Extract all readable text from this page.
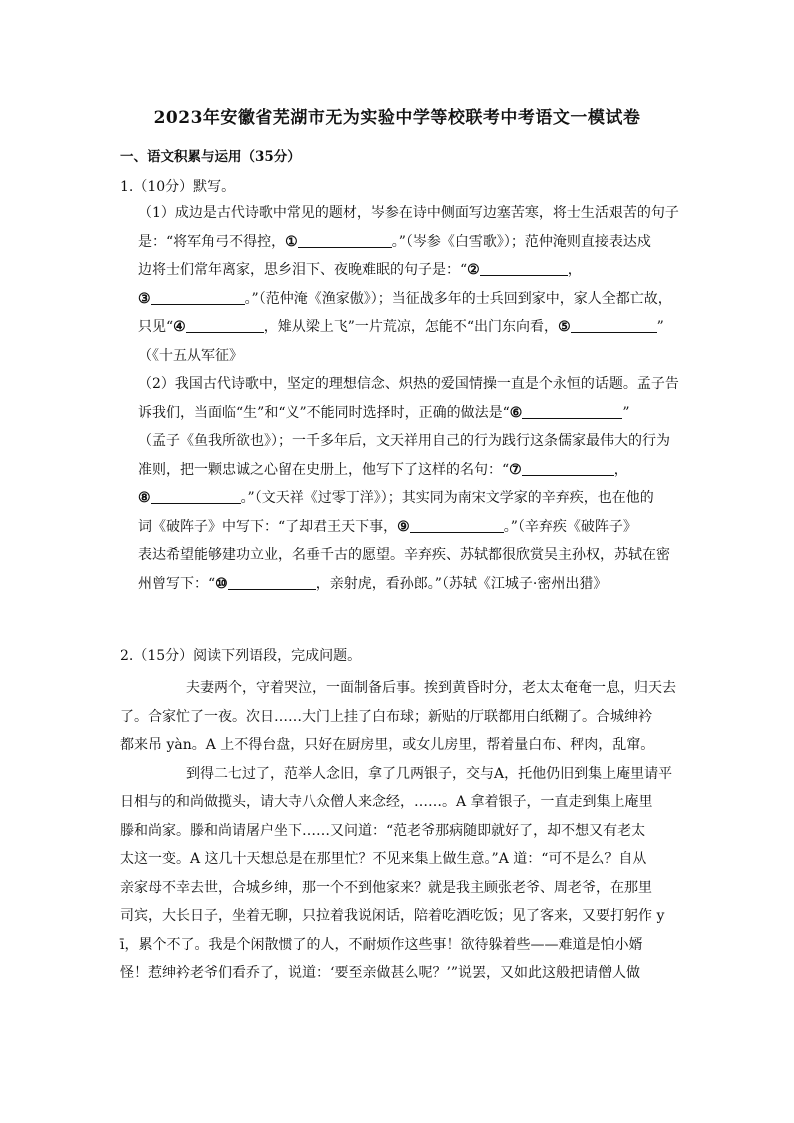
2023年安徽省芜湖市无为实验中学等校联考中考语文一模试卷
一、语文积累与运用（35分）
1.（10分）默写。
（1）成边是古代诗歌中常见的题材，岑参在诗中侧面写边塞苦寒，将士生活艰苦的句子
是：“将军角弓不得控，①	。”（岑参《白雪歌》）；范仲淹则直接表达戍
边将士们常年离家，思乡泪下、夜晚难眠的句子是：“②	，
③	。”（范仲淹《渔家傲》）；当征战多年的士兵回到家中，家人全都亡故，
只见“④	，雉从梁上飞”一片荒凉，怎能不“出门东向看，⑤	”
（《十五从军征》
（2）我国古代诗歌中，坚定的理想信念、炽热的爱国情操一直是个永恒的话题。孟子告
诉我们，当面临“生”和“义”不能同时选择时，正确的做法是“⑥	”
（孟子《鱼我所欲也》）；一千多年后，文天祥用自己的行为践行这条儒家最伟大的行为
准则，把一颗忠诚之心留在史册上，他写下了这样的名句：“⑦	，
⑧	。”（文天祥《过零丁洋》）；其实同为南宋文学家的辛弃疾，也在他的
词《破阵子》中写下：“了却君王天下事，⑨	。”（辛弃疾《破阵子》
表达希望能够建功立业，名垂千古的愿望。辛弃疾、苏轼都很欣赏吴主孙权，苏轼在密
州曾写下：“⑩	，亲射虎，看孙郎。”（苏轼《江城子·密州出猎》
2.（15分）阅读下列语段，完成问题。
夫妻两个，守着哭泣，一面制备后事。挨到黄昏时分，老太太奄奄一息，归天去
了。合家忙了一夜。次日……大门上挂了白布球；新贴的厅联都用白纸糊了。合城绅衿
都来吊 yàn。A 上不得台盘，只好在厨房里，或女儿房里，帮着量白布、秤肉，乱窜。
到得二七过了，范举人念旧，拿了几两银子，交与A，托他仍旧到集上庵里请平
日相与的和尚做揽头，请大寺八众僧人来念经，……。A 拿着银子，一直走到集上庵里
滕和尚家。滕和尚请屠户坐下……又问道：“范老爷那病随即就好了，却不想又有老太
太这一变。A 这几十天想总是在那里忙？不见来集上做生意。”A 道：“可不是么？自从
亲家母不幸去世，合城乡绅，那一个不到他家来？就是我主顾张老爷、周老爷，在那里
司宾，大长日子，坐着无聊，只拉着我说闲话，陪着吃酒吃饭；见了客来，又要打躬作 y
ī，累个不了。我是个闲散惯了的人，不耐烦作这些事！欲待躲着些——难道是怕小婿
怪！惹绅衿老爷们看乔了，说道：‘要至亲做甚么呢？’”说罢，又如此这般把请僧人做
